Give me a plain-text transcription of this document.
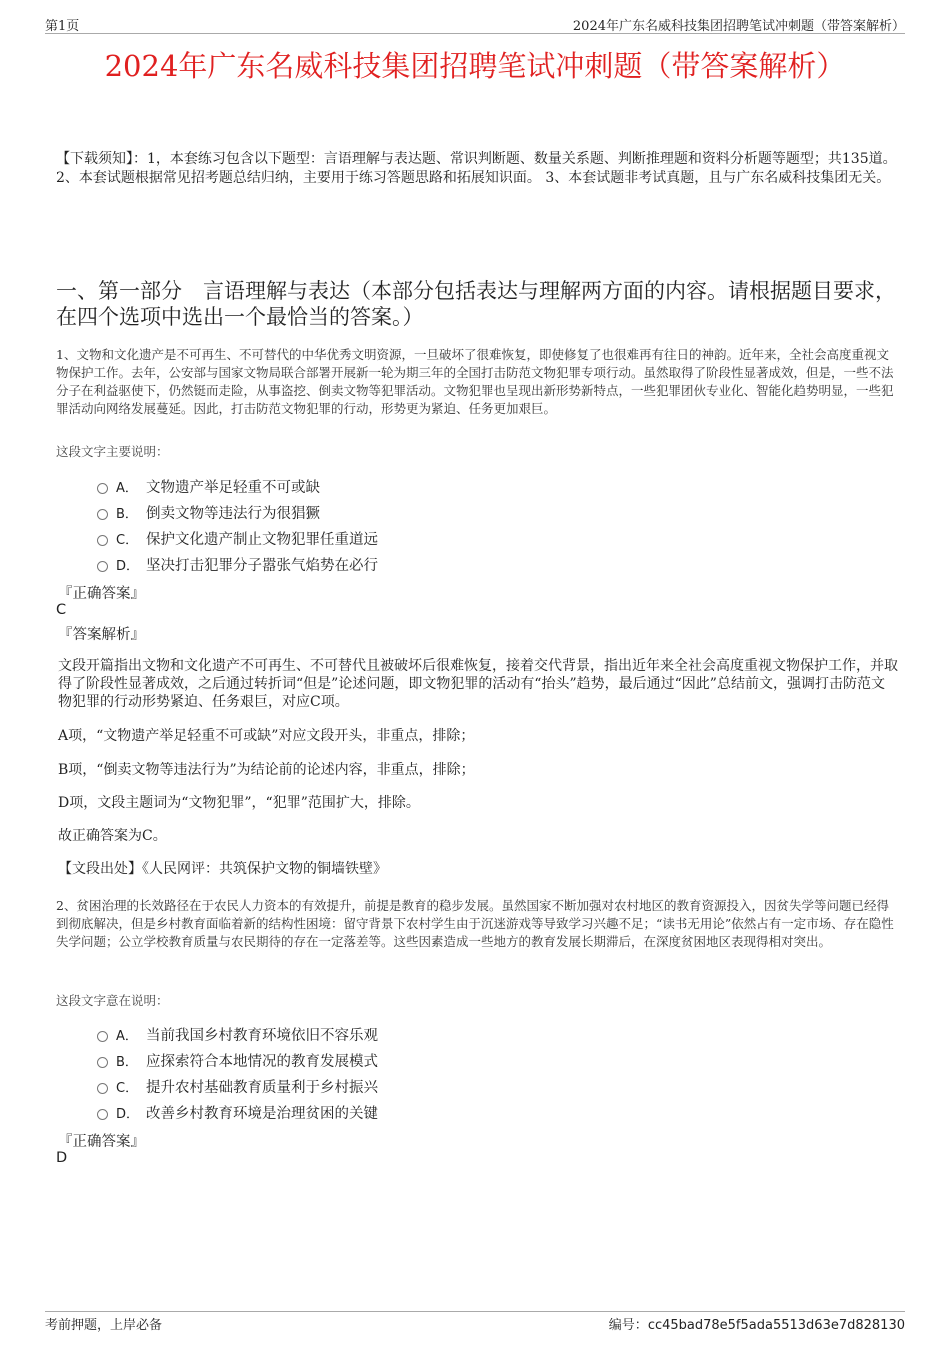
第1页	2024年广东名威科技集团招聘笔试冲刺题（带答案解析）
2024年广东名威科技集团招聘笔试冲刺题（带答案解析）
【下载须知】：1，本套练习包含以下题型：言语理解与表达题、常识判断题、数量关系题、判断推理题和资料分析题等题型；共135道。 2、本套试题根据常见招考题总结归纳，主要用于练习答题思路和拓展知识面。 3、本套试题非考试真题，且与广东名威科技集团无关。
一、第一部分　言语理解与表达（本部分包括表达与理解两方面的内容。请根据题目要求，在四个选项中选出一个最恰当的答案。）
1、文物和文化遗产是不可再生、不可替代的中华优秀文明资源，一旦破坏了很难恢复，即使修复了也很难再有往日的神韵。近年来，全社会高度重视文物保护工作。去年，公安部与国家文物局联合部署开展新一轮为期三年的全国打击防范文物犯罪专项行动。虽然取得了阶段性显著成效，但是，一些不法分子在利益驱使下，仍然铤而走险，从事盗挖、倒卖文物等犯罪活动。文物犯罪也呈现出新形势新特点，一些犯罪团伙专业化、智能化趋势明显，一些犯罪活动向网络发展蔓延。因此，打击防范文物犯罪的行动，形势更为紧迫、任务更加艰巨。
这段文字主要说明：
A． 文物遗产举足轻重不可或缺
B． 倒卖文物等违法行为很猖獗
C． 保护文化遗产制止文物犯罪任重道远
D． 坚决打击犯罪分子嚣张气焰势在必行
『正确答案』
C
『答案解析』
文段开篇指出文物和文化遗产不可再生、不可替代且被破坏后很难恢复，接着交代背景，指出近年来全社会高度重视文物保护工作，并取得了阶段性显著成效，之后通过转折词“但是”论述问题，即文物犯罪的活动有“抬头”趋势，最后通过“因此”总结前文，强调打击防范文物犯罪的行动形势紧迫、任务艰巨，对应C项。
A项，“文物遗产举足轻重不可或缺”对应文段开头，非重点，排除；
B项，“倒卖文物等违法行为”为结论前的论述内容，非重点，排除；
D项，文段主题词为“文物犯罪”，“犯罪”范围扩大，排除。
故正确答案为C。
【文段出处】《人民网评：共筑保护文物的铜墙铁壁》
2、贫困治理的长效路径在于农民人力资本的有效提升，前提是教育的稳步发展。虽然国家不断加强对农村地区的教育资源投入，因贫失学等问题已经得到彻底解决，但是乡村教育面临着新的结构性困境：留守背景下农村学生由于沉迷游戏等导致学习兴趣不足；“读书无用论”依然占有一定市场、存在隐性失学问题；公立学校教育质量与农民期待的存在一定落差等。这些因素造成一些地方的教育发展长期滞后，在深度贫困地区表现得相对突出。
这段文字意在说明：
A． 当前我国乡村教育环境依旧不容乐观
B． 应探索符合本地情况的教育发展模式
C． 提升农村基础教育质量利于乡村振兴
D． 改善乡村教育环境是治理贫困的关键
『正确答案』
D
考前押题，上岸必备	编号：cc45bad78e5f5ada5513d63e7d828130
